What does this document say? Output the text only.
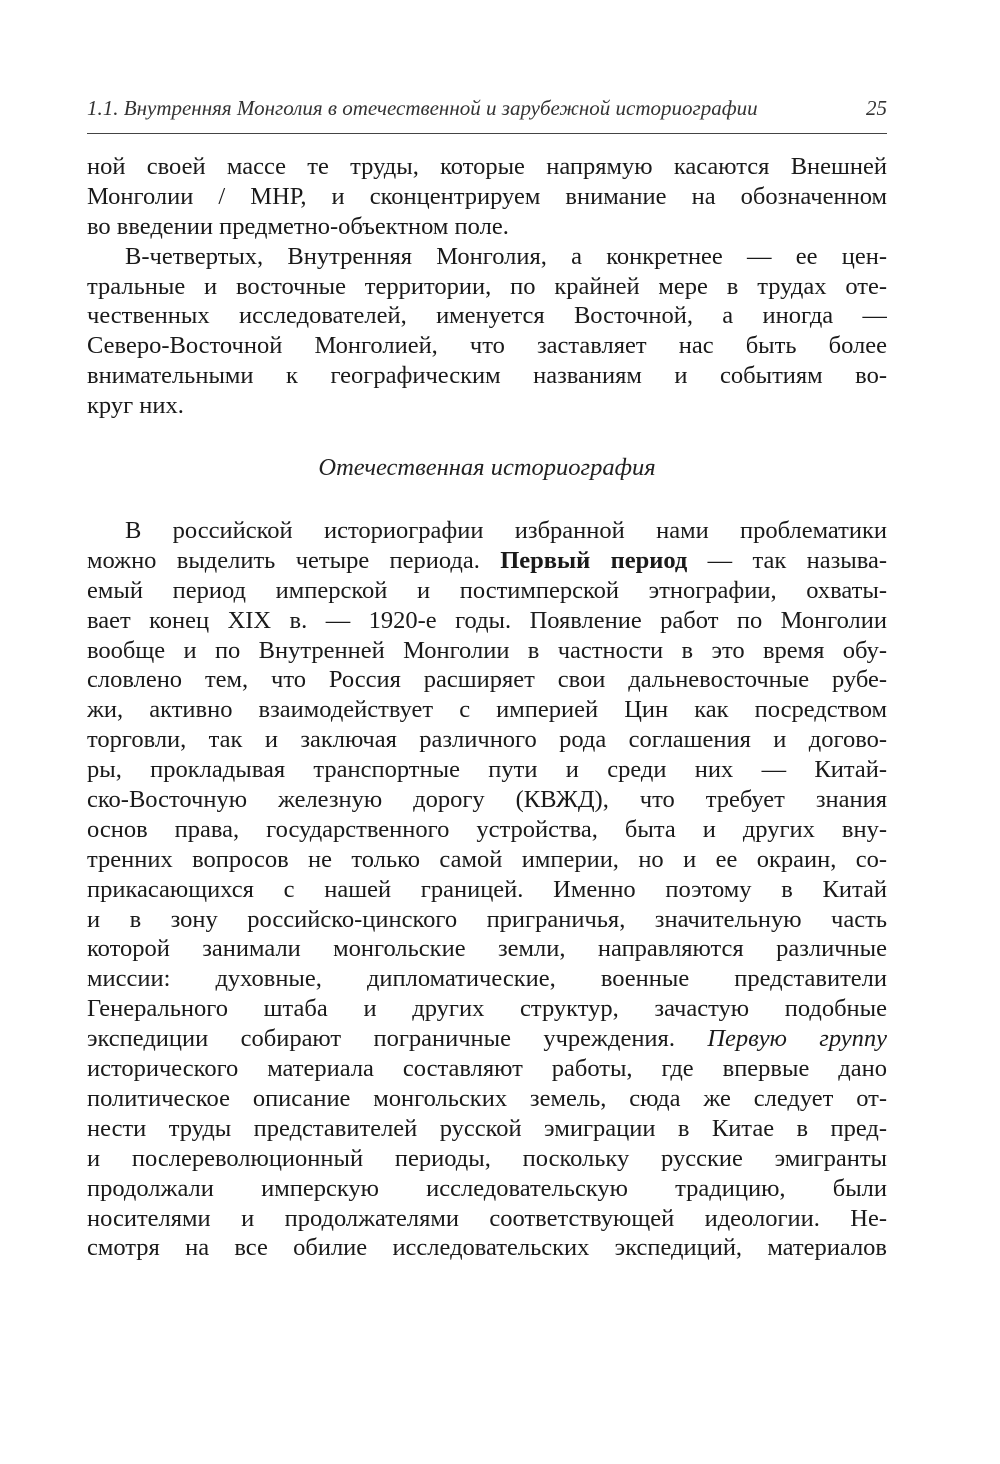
1.1. Внутренняя Монголия в отечественной и зарубежной историографии	25
ной своей массе те труды, которые напрямую касаются Внешней
Монголии / МНР, и сконцентрируем внимание на обозначенном
во введении предметно-объектном поле.
В-четвертых, Внутренняя Монголия, а конкретнее — ее цен-
тральные и восточные территории, по крайней мере в трудах оте-
чественных исследователей, именуется Восточной, а иногда —
Северо-Восточной Монголией, что заставляет нас быть более
внимательными к географическим названиям и событиям во-
круг них.
Отечественная историография
В российской историографии избранной нами проблематики
можно выделить четыре периода. Первый период — так называ-
емый период имперской и постимперской этнографии, охваты-
вает конец XIX в. — 1920-е годы. Появление работ по Монголии
вообще и по Внутренней Монголии в частности в это время обу-
словлено тем, что Россия расширяет свои дальневосточные рубе-
жи, активно взаимодействует с империей Цин как посредством
торговли, так и заключая различного рода соглашения и догово-
ры, прокладывая транспортные пути и среди них — Китай-
ско-Восточную железную дорогу (КВЖД), что требует знания
основ права, государственного устройства, быта и других вну-
тренних вопросов не только самой империи, но и ее окраин, со-
прикасающихся с нашей границей. Именно поэтому в Китай
и в зону российско-цинского приграничья, значительную часть
которой занимали монгольские земли, направляются различные
миссии: духовные, дипломатические, военные представители
Генерального штаба и других структур, зачастую подобные
экспедиции собирают пограничные учреждения. Первую группу
исторического материала составляют работы, где впервые дано
политическое описание монгольских земель, сюда же следует от-
нести труды представителей русской эмиграции в Китае в пред-
и послереволюционный периоды, поскольку русские эмигранты
продолжали имперскую исследовательскую традицию, были
носителями и продолжателями соответствующей идеологии. Не-
смотря на все обилие исследовательских экспедиций, материалов
